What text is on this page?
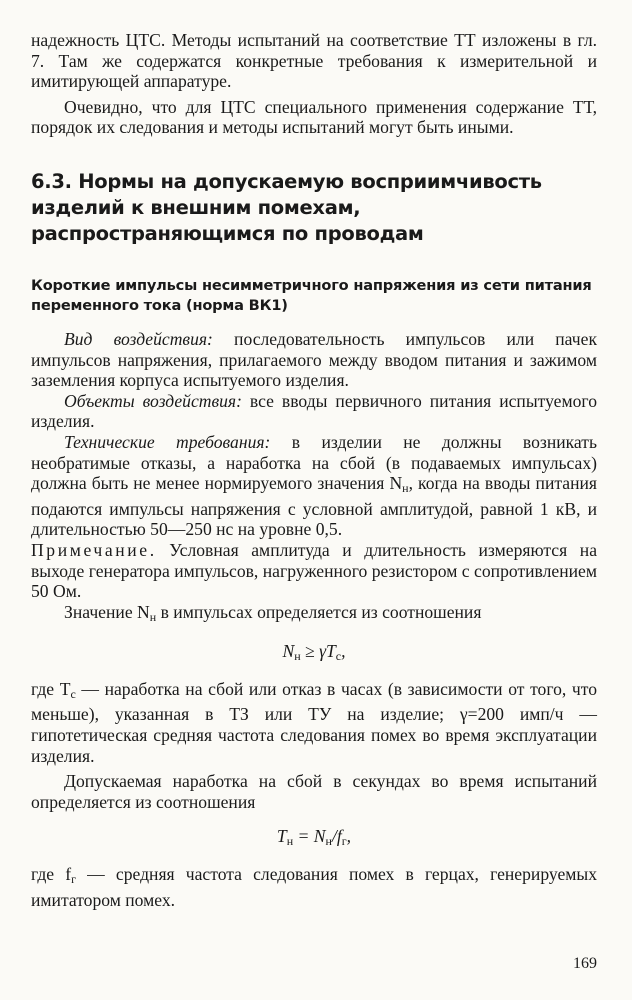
надежность ЦТС. Методы испытаний на соответствие ТТ изложены в гл. 7. Там же содержатся конкретные требования к измерительной и имитирующей аппаратуре.

Очевидно, что для ЦТС специального применения содержание ТТ, порядок их следования и методы испытаний могут быть иными.

6.3. Нормы на допускаемую восприимчивость изделий к внешним помехам, распространяющимся по проводам
Короткие импульсы несимметричного напряжения из сети питания переменного тока (норма ВК1)

Вид воздействия: последовательность импульсов или пачек импульсов напряжения, прилагаемого между вводом питания и зажимом заземления корпуса испытуемого изделия.

Объекты воздействия: все вводы первичного питания испытуемого изделия.

Технические требования: в изделии не должны возникать необратимые отказы, а наработка на сбой (в подаваемых импульсах) должна быть не менее нормируемого значения $N_н$, когда на вводы питания подаются импульсы напряжения с условной амплитудой, равной 1 кВ, и длительностью 50—250 нс на уровне 0,5.

Примечание. Условная амплитуда и длительность измеряются на выходе генератора импульсов, нагруженного резистором с сопротивлением 50 Ом.

Значение $N_н$ в импульсах определяется из соотношения

$N_н \ge \gamma T_с$,

где $T_с$ — наработка на сбой или отказ в часах (в зависимости от того, что меньше), указанная в ТЗ или ТУ на изделие; γ=200 имп/ч — гипотетическая средняя частота следования помех во время эксплуатации изделия.

Допускаемая наработка на сбой в секундах во время испытаний определяется из соотношения

$T_н = N_н/f_г$,

где $f_г$ — средняя частота следования помех в герцах, генерируемых имитатором помех.

169
